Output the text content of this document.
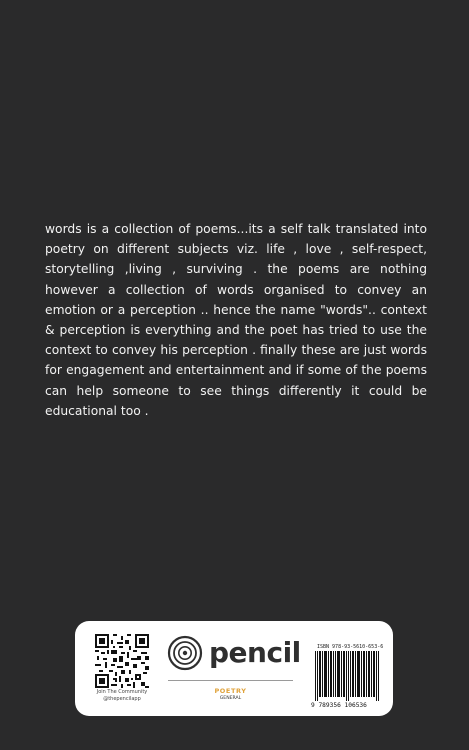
words is a collection of poems...its a self talk translated into poetry on different subjects viz. life , love , self-respect, storytelling ,living , surviving . the poems are nothing however a collection of words organised to convey an emotion or a perception .. hence the name "words".. context & perception is everything and the poet has tried to use the context to convey his perception . finally these are just words for engagement and entertainment and if some of the poems can help someone to see things differently it could be educational too .

Join The Community
@thepencilapp
pencil
POETRY
GENERAL
ISBN 978-93-5610-653-6
9 789356 106536
